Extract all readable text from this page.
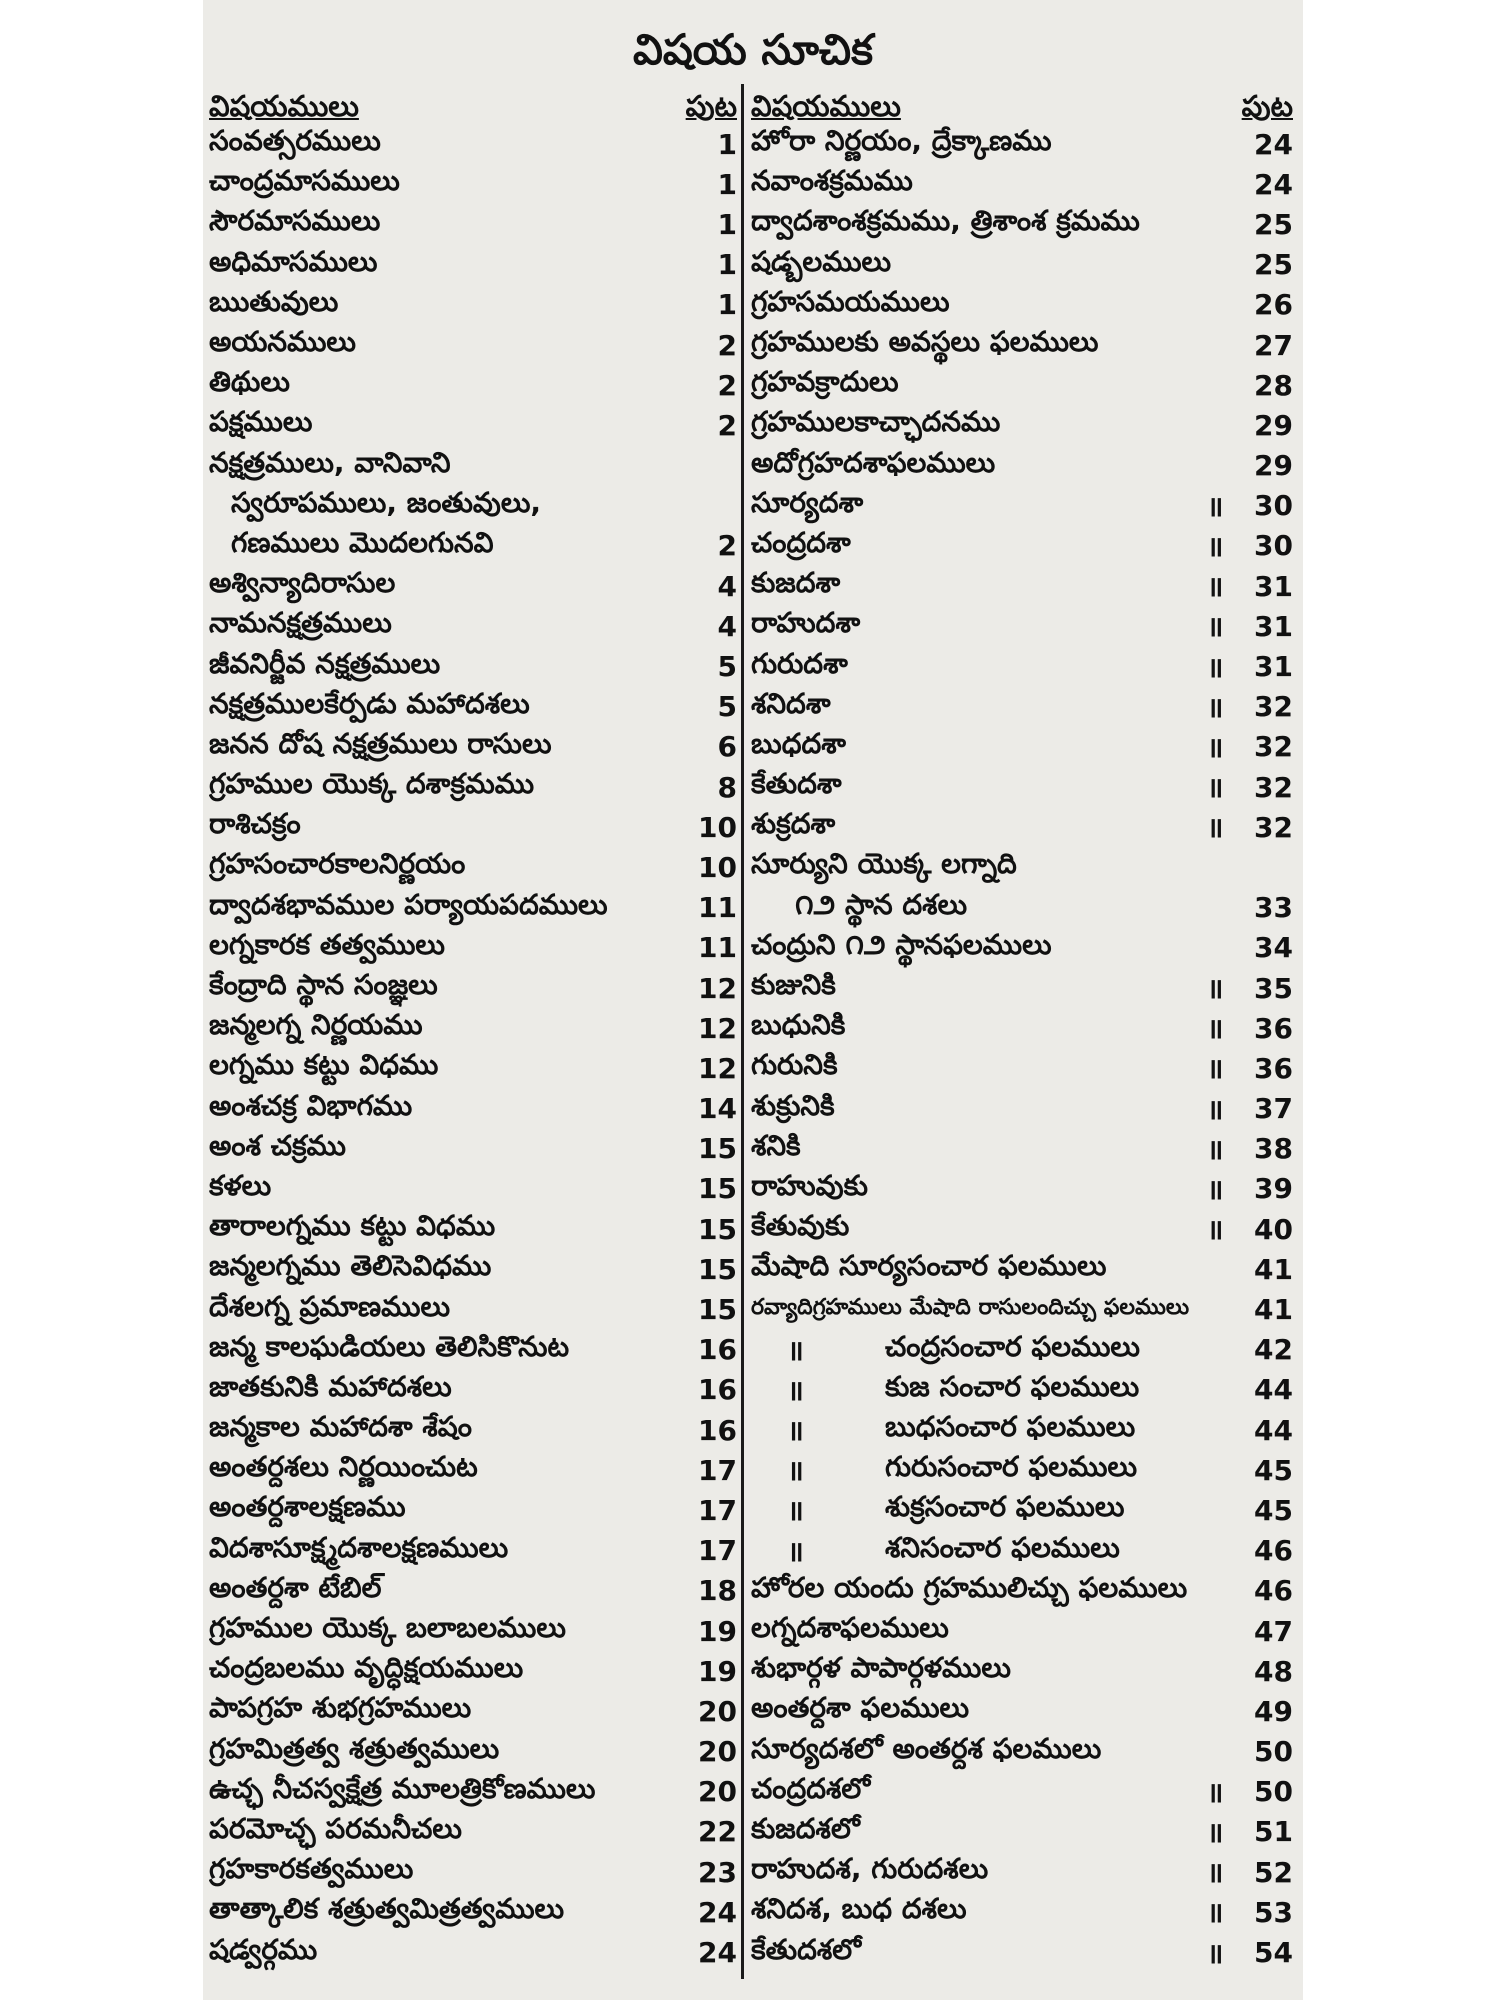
విషయ సూచిక
విషయములు	పుట
సంవత్సరములు	1
చాంద్రమాసములు	1
సౌరమాసములు	1
అధిమాసములు	1
ఋతువులు	1
అయనములు	2
తిథులు	2
పక్షములు	2
నక్షత్రములు, వానివాని
స్వరూపములు, జంతువులు,
గణములు మొదలగునవి	2
అశ్విన్యాదిరాసుల	4
నామనక్షత్రములు	4
జీవనిర్జీవ నక్షత్రములు	5
నక్షత్రములకేర్పడు మహాదశలు	5
జనన దోష నక్షత్రములు రాసులు	6
గ్రహముల యొక్క దశాక్రమము	8
రాశిచక్రం	10
గ్రహసంచారకాలనిర్ణయం	10
ద్వాదశభావముల పర్యాయపదములు	11
లగ్నకారక తత్వములు	11
కేంద్రాది స్థాన సంజ్ఞలు	12
జన్మలగ్న నిర్ణయము	12
లగ్నము కట్టు విధము	12
అంశచక్ర విభాగము	14
అంశ చక్రము	15
కళలు	15
తారాలగ్నము కట్టు విధము	15
జన్మలగ్నము తెలిసెవిధము	15
దేశలగ్న ప్రమాణములు	15
జన్మ కాలఘడియలు తెలిసికొనుట	16
జాతకునికి మహాదశలు	16
జన్మకాల మహాదశా శేషం	16
అంతర్దశలు నిర్ణయించుట	17
అంతర్దశాలక్షణము	17
విదశాసూక్ష్మదశాలక్షణములు	17
అంతర్దశా టేబిల్	18
గ్రహముల యొక్క బలాబలములు	19
చంద్రబలము వృద్ధిక్షయములు	19
పాపగ్రహ శుభగ్రహములు	20
గ్రహమిత్రత్వ శత్రుత్వములు	20
ఉచ్ఛ నీచస్వక్షేత్ర మూలత్రికోణములు	20
పరమోచ్ఛ పరమనీచలు	22
గ్రహకారకత్వములు	23
తాత్కాలిక శత్రుత్వమిత్రత్వములు	24
షడ్వర్గము	24
విషయములు	పుట
హోరా నిర్ణయం, ద్రేక్కాణము	24
నవాంశక్రమము	24
ద్వాదశాంశక్రమము, త్రిశాంశ క్రమము	25
షడ్బలములు	25
గ్రహసమయములు	26
గ్రహములకు అవస్థలు ఫలములు	27
గ్రహవక్రాదులు	28
గ్రహములకాచ్ఛాదనము	29
అదోగ్రహదశాఫలములు	29
సూర్యదశా	॥	30
చంద్రదశా	॥	30
కుజదశా	॥	31
రాహుదశా	॥	31
గురుదశా	॥	31
శనిదశా	॥	32
బుధదశా	॥	32
కేతుదశా	॥	32
శుక్రదశా	॥	32
సూర్యుని యొక్క లగ్నాది
౧౨ స్థాన దశలు	33
చంద్రుని ౧౨ స్థానఫలములు	34
కుజునికి	॥	35
బుధునికి	॥	36
గురునికి	॥	36
శుక్రునికి	॥	37
శనికి	॥	38
రాహువుకు	॥	39
కేతువుకు	॥	40
మేషాది సూర్యసంచార ఫలములు	41
రవ్యాదిగ్రహములు మేషాది రాసులందిచ్చు ఫలములు	41
॥	చంద్రసంచార ఫలములు	42
॥	కుజ సంచార ఫలములు	44
॥	బుధసంచార ఫలములు	44
॥	గురుసంచార ఫలములు	45
॥	శుక్రసంచార ఫలములు	45
॥	శనిసంచార ఫలములు	46
హోరల యందు గ్రహములిచ్చు ఫలములు	46
లగ్నదశాఫలములు	47
శుభార్గళ పాపార్గళములు	48
అంతర్దశా ఫలములు	49
సూర్యదశలో అంతర్దశ ఫలములు	50
చంద్రదశలో	॥	50
కుజదశలో	॥	51
రాహుదశ, గురుదశలు	॥	52
శనిదశ, బుధ దశలు	॥	53
కేతుదశలో	॥	54
